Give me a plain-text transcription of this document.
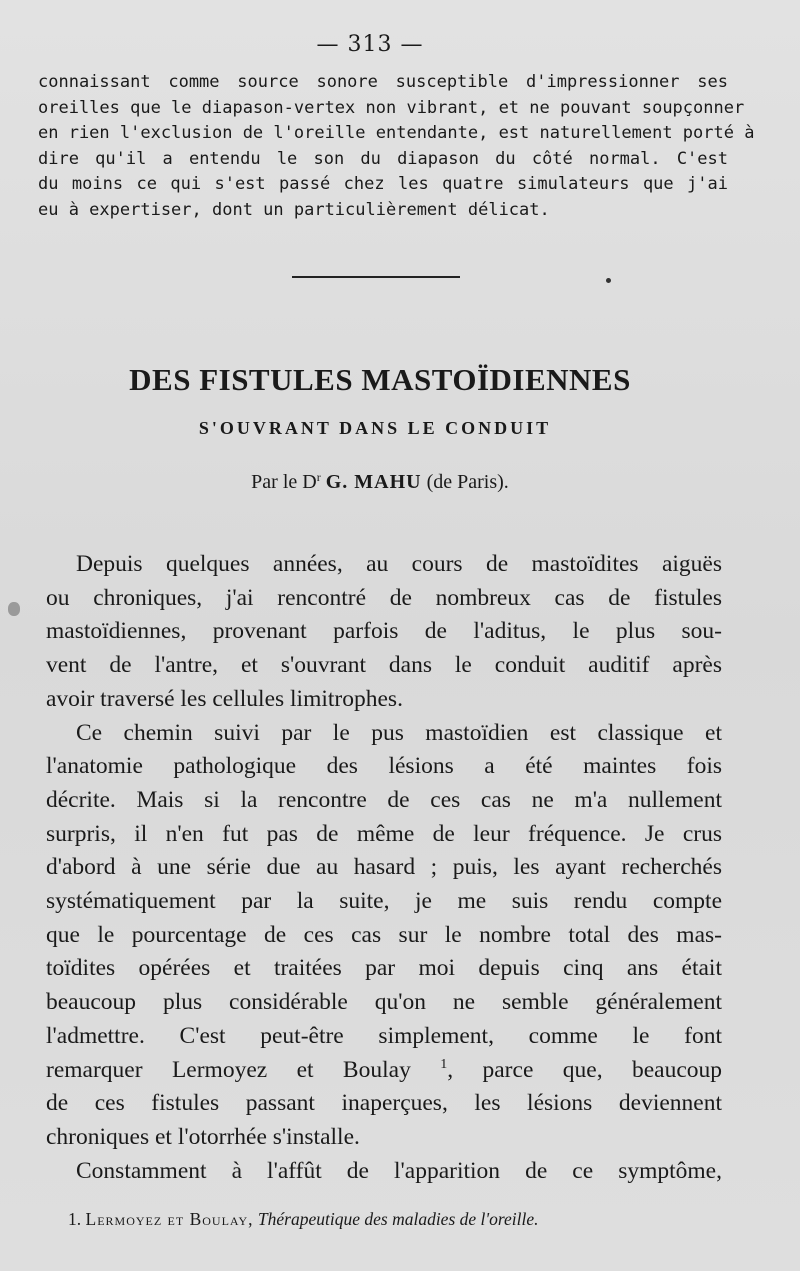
— 313 —
connaissant comme source sonore susceptible d'impressionner ses
oreilles que le diapason-vertex non vibrant, et ne pouvant soupçonner
en rien l'exclusion de l'oreille entendante, est naturellement porté à
dire qu'il a entendu le son du diapason du côté normal. C'est
du moins ce qui s'est passé chez les quatre simulateurs que j'ai
eu à expertiser, dont un particulièrement délicat.
DES FISTULES MASTOÏDIENNES
S'OUVRANT DANS LE CONDUIT
Par le $D^r$ G. MAHU (de Paris).
Depuis quelques années, au cours de mastoïdites aiguës
ou chroniques, j'ai rencontré de nombreux cas de fistules
mastoïdiennes, provenant parfois de l'aditus, le plus sou-
vent de l'antre, et s'ouvrant dans le conduit auditif après
avoir traversé les cellules limitrophes.
Ce chemin suivi par le pus mastoïdien est classique et
l'anatomie pathologique des lésions a été maintes fois
décrite. Mais si la rencontre de ces cas ne m'a nullement
surpris, il n'en fut pas de même de leur fréquence. Je crus
d'abord à une série due au hasard ; puis, les ayant recherchés
systématiquement par la suite, je me suis rendu compte
que le pourcentage de ces cas sur le nombre total des mas-
toïdites opérées et traitées par moi depuis cinq ans était
beaucoup plus considérable qu'on ne semble généralement
l'admettre. C'est peut-être simplement, comme le font
remarquer Lermoyez et Boulay $^1$, parce que, beaucoup
de ces fistules passant inaperçues, les lésions deviennent
chroniques et l'otorrhée s'installe.
Constamment à l'affût de l'apparition de ce symptôme,
1. Lermoyez et Boulay, Thérapeutique des maladies de l'oreille.
